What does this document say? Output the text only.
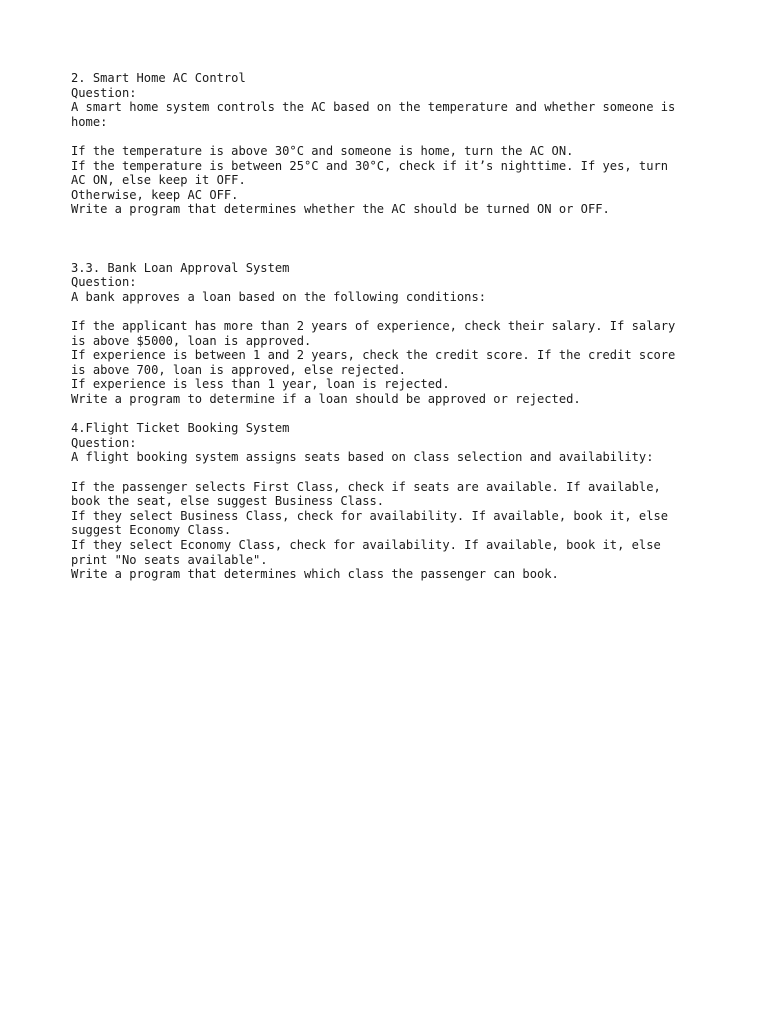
2. Smart Home AC Control
Question:
A smart home system controls the AC based on the temperature and whether someone is
home:
If the temperature is above 30°C and someone is home, turn the AC ON.
If the temperature is between 25°C and 30°C, check if it’s nighttime. If yes, turn
AC ON, else keep it OFF.
Otherwise, keep AC OFF.
Write a program that determines whether the AC should be turned ON or OFF.
3.3. Bank Loan Approval System
Question:
A bank approves a loan based on the following conditions:
If the applicant has more than 2 years of experience, check their salary. If salary
is above $5000, loan is approved.
If experience is between 1 and 2 years, check the credit score. If the credit score
is above 700, loan is approved, else rejected.
If experience is less than 1 year, loan is rejected.
Write a program to determine if a loan should be approved or rejected.
4.Flight Ticket Booking System
Question:
A flight booking system assigns seats based on class selection and availability:
If the passenger selects First Class, check if seats are available. If available,
book the seat, else suggest Business Class.
If they select Business Class, check for availability. If available, book it, else
suggest Economy Class.
If they select Economy Class, check for availability. If available, book it, else
print "No seats available".
Write a program that determines which class the passenger can book.
